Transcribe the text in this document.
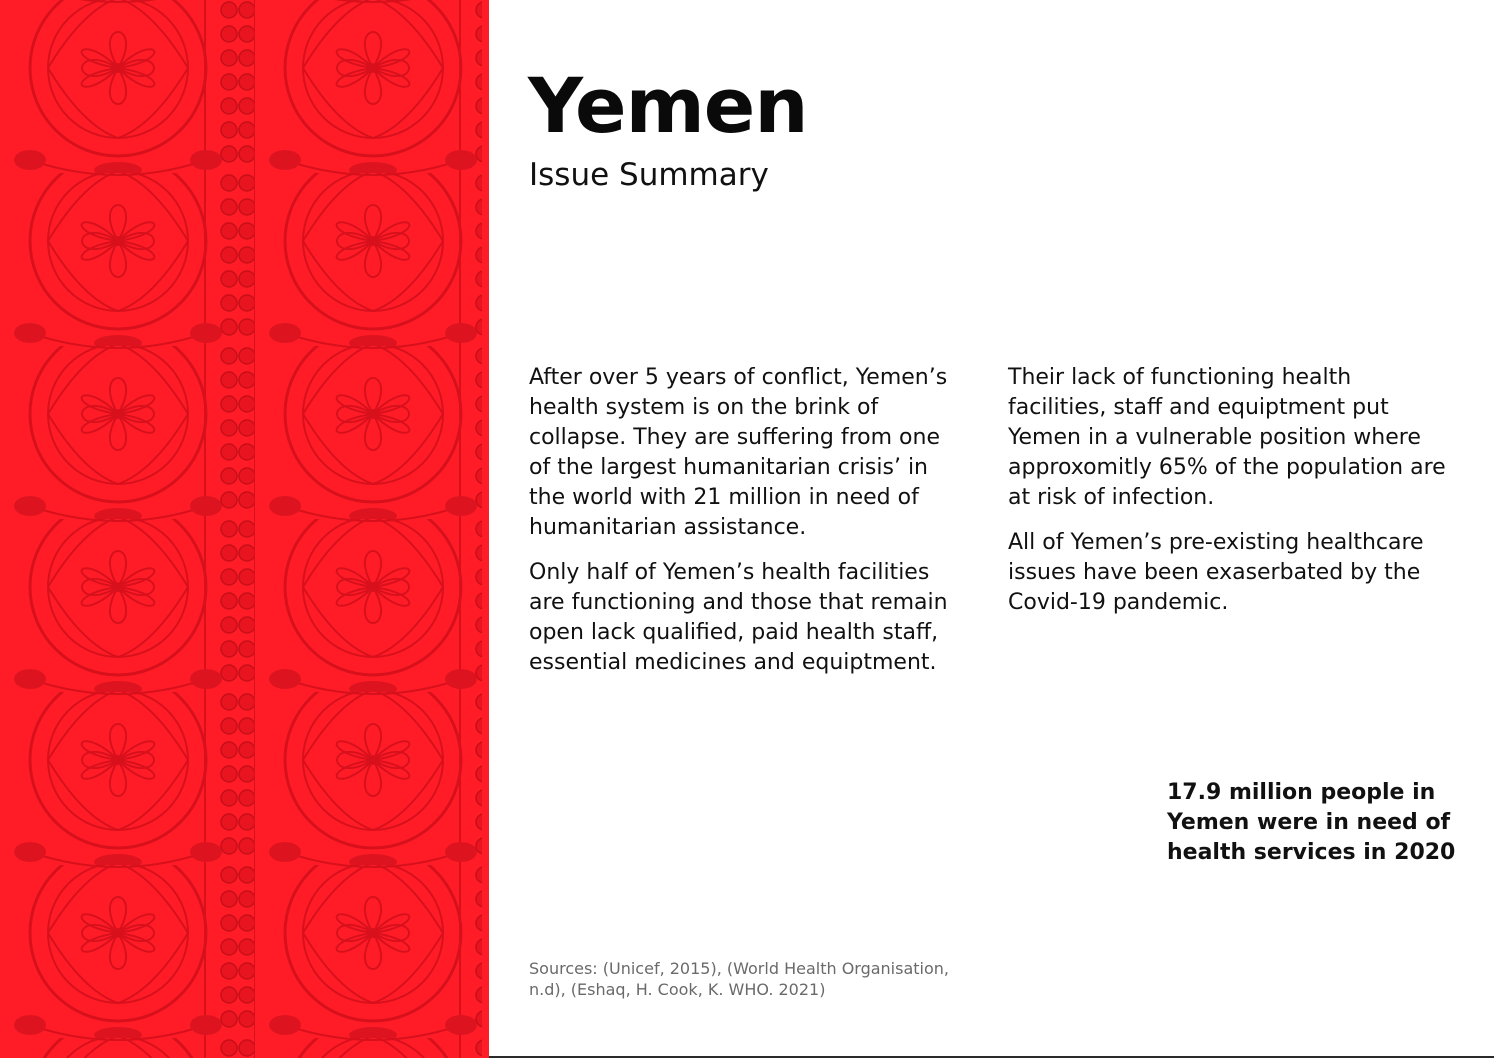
Yemen
Issue Summary

After over 5 years of conflict, Yemen’s health system is on the brink of collapse. They are suffering from one of the largest humanitarian crisis’ in the world with 21 million in need of humanitarian assistance.

Only half of Yemen’s health facilities are functioning and those that remain open lack qualified, paid health staff, essential medicines and equiptment.

Their lack of functioning health facilities, staff and equiptment put Yemen in a vulnerable position where approxomitly 65% of the population are at risk of infection.

All of Yemen’s pre-existing healthcare issues have been exaserbated by the Covid-19 pandemic.

17.9 million people in Yemen were in need of health services in 2020
Sources: (Unicef, 2015), (World Health Organisation, n.d), (Eshaq, H. Cook, K. WHO. 2021)
